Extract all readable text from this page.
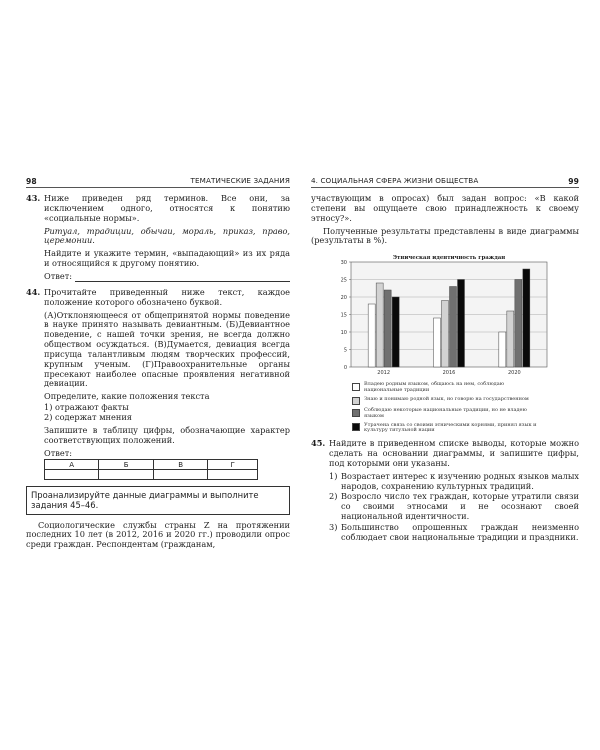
98	ТЕМАТИЧЕСКИЕ ЗАДАНИЯ
43. Ниже приведен ряд терминов. Все они, за исключением одного, относятся к понятию «социальные нормы».

Ритуал, традиции, обычаи, мораль, приказ, право, церемонии.

Найдите и укажите термин, «выпадающий» из их ряда и относящийся к другому понятию.

Ответ:
44. Прочитайте приведенный ниже текст, каждое положение которого обозначено буквой.

(А)Отклоняющееся от общепринятой нормы поведение в науке принято называть девиантным. (Б)Девиантное поведение, с нашей точки зрения, не всегда должно обществом осуждаться. (В)Думается, девиация всегда присуща талантливым людям творческих профессий, крупным ученым. (Г)Правоохранительные органы пресекают наиболее опасные проявления негативной девиации.

Определите, какие положения текста

1) отражают факты

2) содержат мнения

Запишите в таблицу цифры, обозначающие характер соответствующих положений.

Ответ:

А	Б	В	Г

Проанализируйте данные диаграммы и выполните задания 45–46.

Социологические службы страны Z на протяжении последних 10 лет (в 2012, 2016 и 2020 гг.) проводили опрос среди граждан. Респондентам (гражданам,

4. СОЦИАЛЬНАЯ СФЕРА ЖИЗНИ ОБЩЕСТВА	99

участвующим в опросах) был задан вопрос: «В какой степени вы ощущаете свою принадлежность к своему этносу?».

Полученные результаты представлены в виде диаграммы (результаты в %).

Этническая идентичность граждан
0
5
10
15
20
25
30
2012	2016	2020
Владею родным языком, общаюсь на нем, соблюдаю национальные традиции
Знаю и понимаю родной язык, но говорю на государственном
Соблюдаю некоторые национальные традиции, но не владею языком
Утрачена связь со своими этническими корнями, принял язык и культуру титульной нации
45. Найдите в приведенном списке выводы, которые можно сделать на основании диаграммы, и запишите цифры, под которыми они указаны.

1) Возрастает интерес к изучению родных языков малых народов, сохранению культурных традиций.
2) Возросло число тех граждан, которые утратили связи со своими этносами и не осознают своей национальной идентичности.
3) Большинство опрошенных граждан неизменно соблюдает свои национальные традиции и праздники.
